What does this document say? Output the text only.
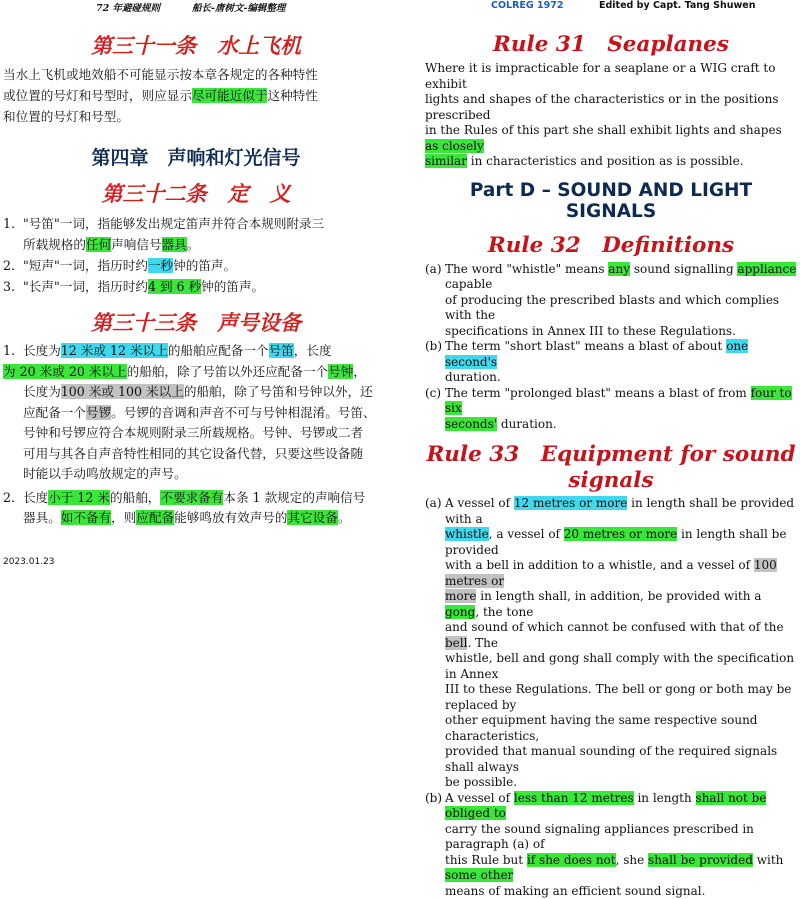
72 年避碰规则	船长-唐树文-编辑整理	COLREG 1972	Edited by Capt. Tang Shuwen
第三十一条　水上飞机
当水上飞机或地效船不可能显示按本章各规定的各种特性
或位置的号灯和号型时，则应显示尽可能近似于这种特性
和位置的号灯和号型。
第四章　声响和灯光信号
第三十二条　定　义
1. "号笛"一词，指能够发出规定笛声并符合本规则附录三
所载规格的任何声响信号器具。
2. "短声"一词，指历时约一秒钟的笛声。
3. "长声"一词，指历时约4 到 6 秒钟的笛声。
第三十三条　声号设备
1. 长度为12 米或 12 米以上的船舶应配备一个号笛，长度
为 20 米或 20 米以上的船舶，除了号笛以外还应配备一个号钟，
长度为100 米或 100 米以上的船舶，除了号笛和号钟以外，还
应配备一个号锣。号锣的音调和声音不可与号钟相混淆。号笛、
号钟和号锣应符合本规则附录三所载规格。号钟、号锣或二者
可用与其各自声音特性相同的其它设备代替，只要这些设备随
时能以手动鸣放规定的声号。
2. 长度小于 12 米的船舶，不要求备有本条 1 款规定的声响信号
器具。如不备有，则应配备能够鸣放有效声号的其它设备。
Rule 31　Seaplanes
Where it is impracticable for a seaplane or a WIG craft to exhibit
lights and shapes of the characteristics or in the positions prescribed
in the Rules of this part she shall exhibit lights and shapes as closely
similar in characteristics and position as is possible.
Part D – SOUND AND LIGHT SIGNALS
Rule 32　Definitions
(a) The word "whistle" means any sound signalling appliance capable
of producing the prescribed blasts and which complies with the
specifications in Annex III to these Regulations.
(b) The term "short blast" means a blast of about one second's
duration.
(c) The term "prolonged blast" means a blast of from four to six
seconds' duration.
Rule 33　Equipment for sound signals
(a) A vessel of 12 metres or more in length shall be provided with a
whistle, a vessel of 20 metres or more in length shall be provided
with a bell in addition to a whistle, and a vessel of 100 metres or
more in length shall, in addition, be provided with a gong, the tone
and sound of which cannot be confused with that of the bell. The
whistle, bell and gong shall comply with the specification in Annex
III to these Regulations. The bell or gong or both may be replaced by
other equipment having the same respective sound characteristics,
provided that manual sounding of the required signals shall always
be possible.
(b) A vessel of less than 12 metres in length shall not be obliged to
carry the sound signaling appliances prescribed in paragraph (a) of
this Rule but if she does not, she shall be provided with some other
means of making an efficient sound signal.
2023.01.23
